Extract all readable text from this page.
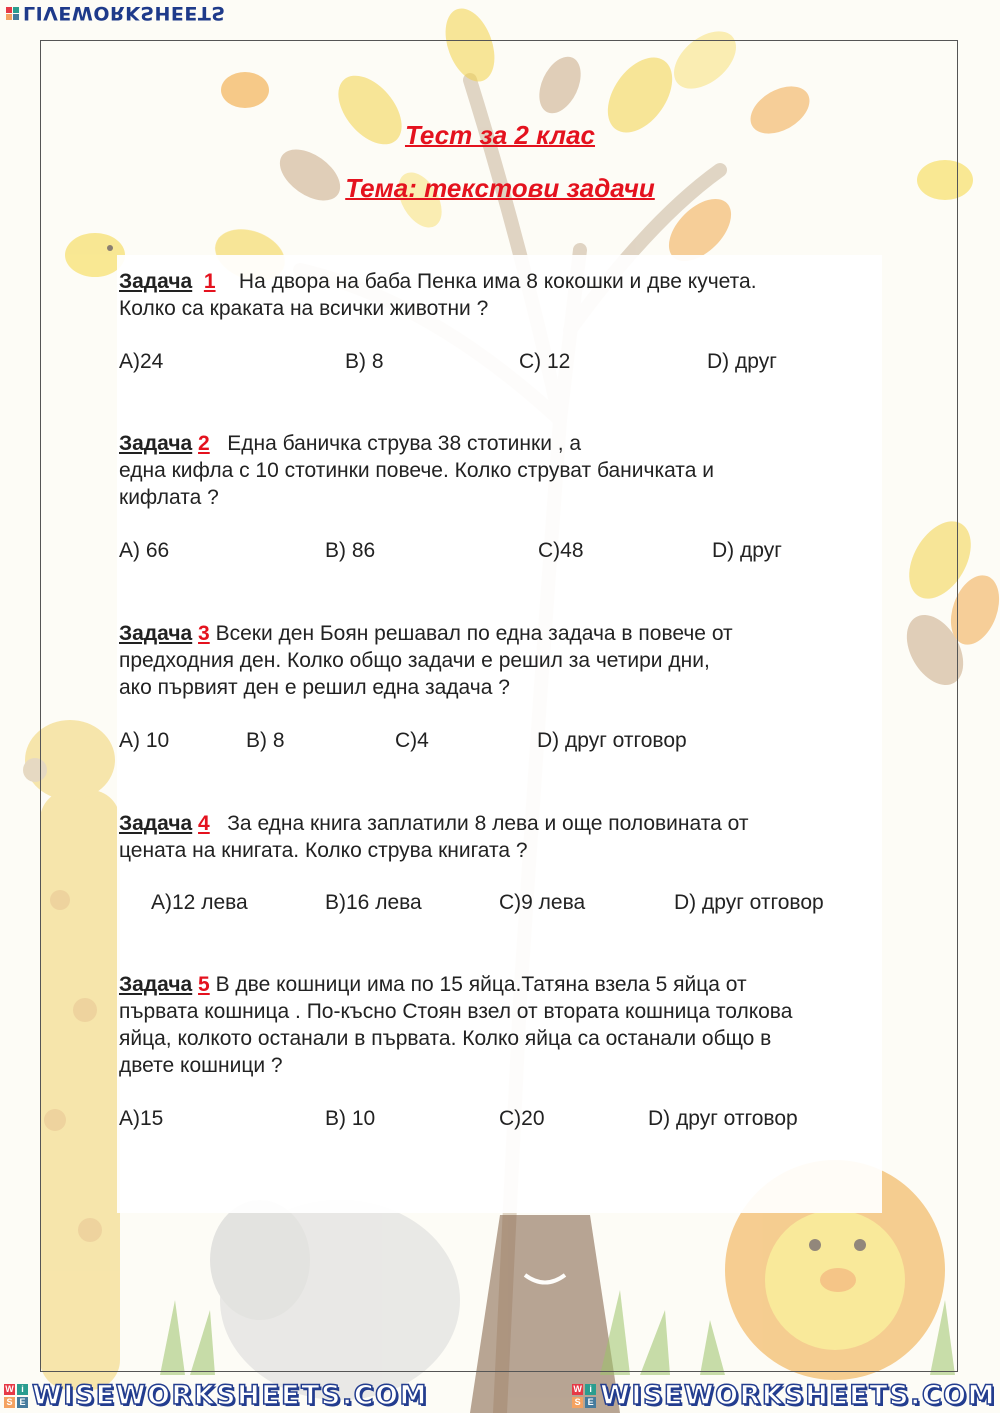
LIVEWORKSHEETS
Тест за 2 клас
Тема: текстови задачи
Задача 1 На двора на баба Пенка има 8 кокошки и две кучета.
Колко са краката на всички животни ?
A)24	B) 8	C) 12	D) друг
Задача 2 Една баничка струва 38 стотинки , а
една кифла с 10 стотинки повече. Колко струват баничката и
кифлата ?
A) 66	B) 86	C)48	D) друг
Задача 3 Всеки ден Боян решавал по една задача в повече от
предходния ден. Колко общо задачи е решил за четири дни,
ако първият ден е решил една задача ?
A) 10	B) 8	C)4	D) друг отговор
Задача 4 За една книга заплатили 8 лева и още половината от
цената на книгата. Колко струва книгата ?
A)12 лева	B)16 лева	C)9 лева	D) друг отговор
Задача 5 В две кошници има по 15 яйца.Татяна взела 5 яйца от
първата кошница . По-късно Стоян взел от втората кошница толкова
яйца, колкото останали в първата. Колко яйца са останали общо в
двете кошници ?
A)15	B) 10	C)20	D) друг отговор
W i
S E WISEWORKSHEETS.COM	W i
S E WISEWORKSHEETS.COM
